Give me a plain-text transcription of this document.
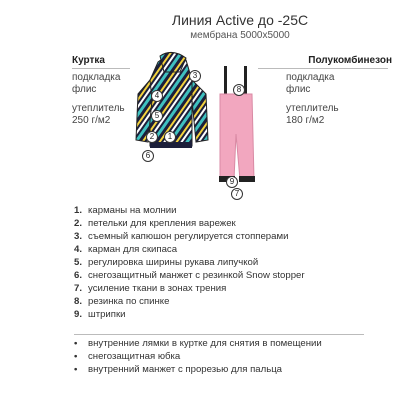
Линия Active до -25С
мембрана 5000х5000
Куртка
подкладка
флис
утеплитель
250 г/м2
Полукомбинезон
подкладка
флис
утеплитель
180 г/м2
3
4
5
2	1
6
9
7
8
1. карманы на молнии
2. петельки для крепления варежек
3. съемный капюшон регулируется стопперами
4. карман для скипаса
5. регулировка ширины рукава липучкой
6. снегозащитный манжет с резинкой Snow stopper
7. усиление ткани в зонах трения
8. резинка по спинке
9. штрипки
•	внутренние лямки в куртке для снятия в помещении
•	снегозащитная юбка
•	внутренний манжет с прорезью для пальца
